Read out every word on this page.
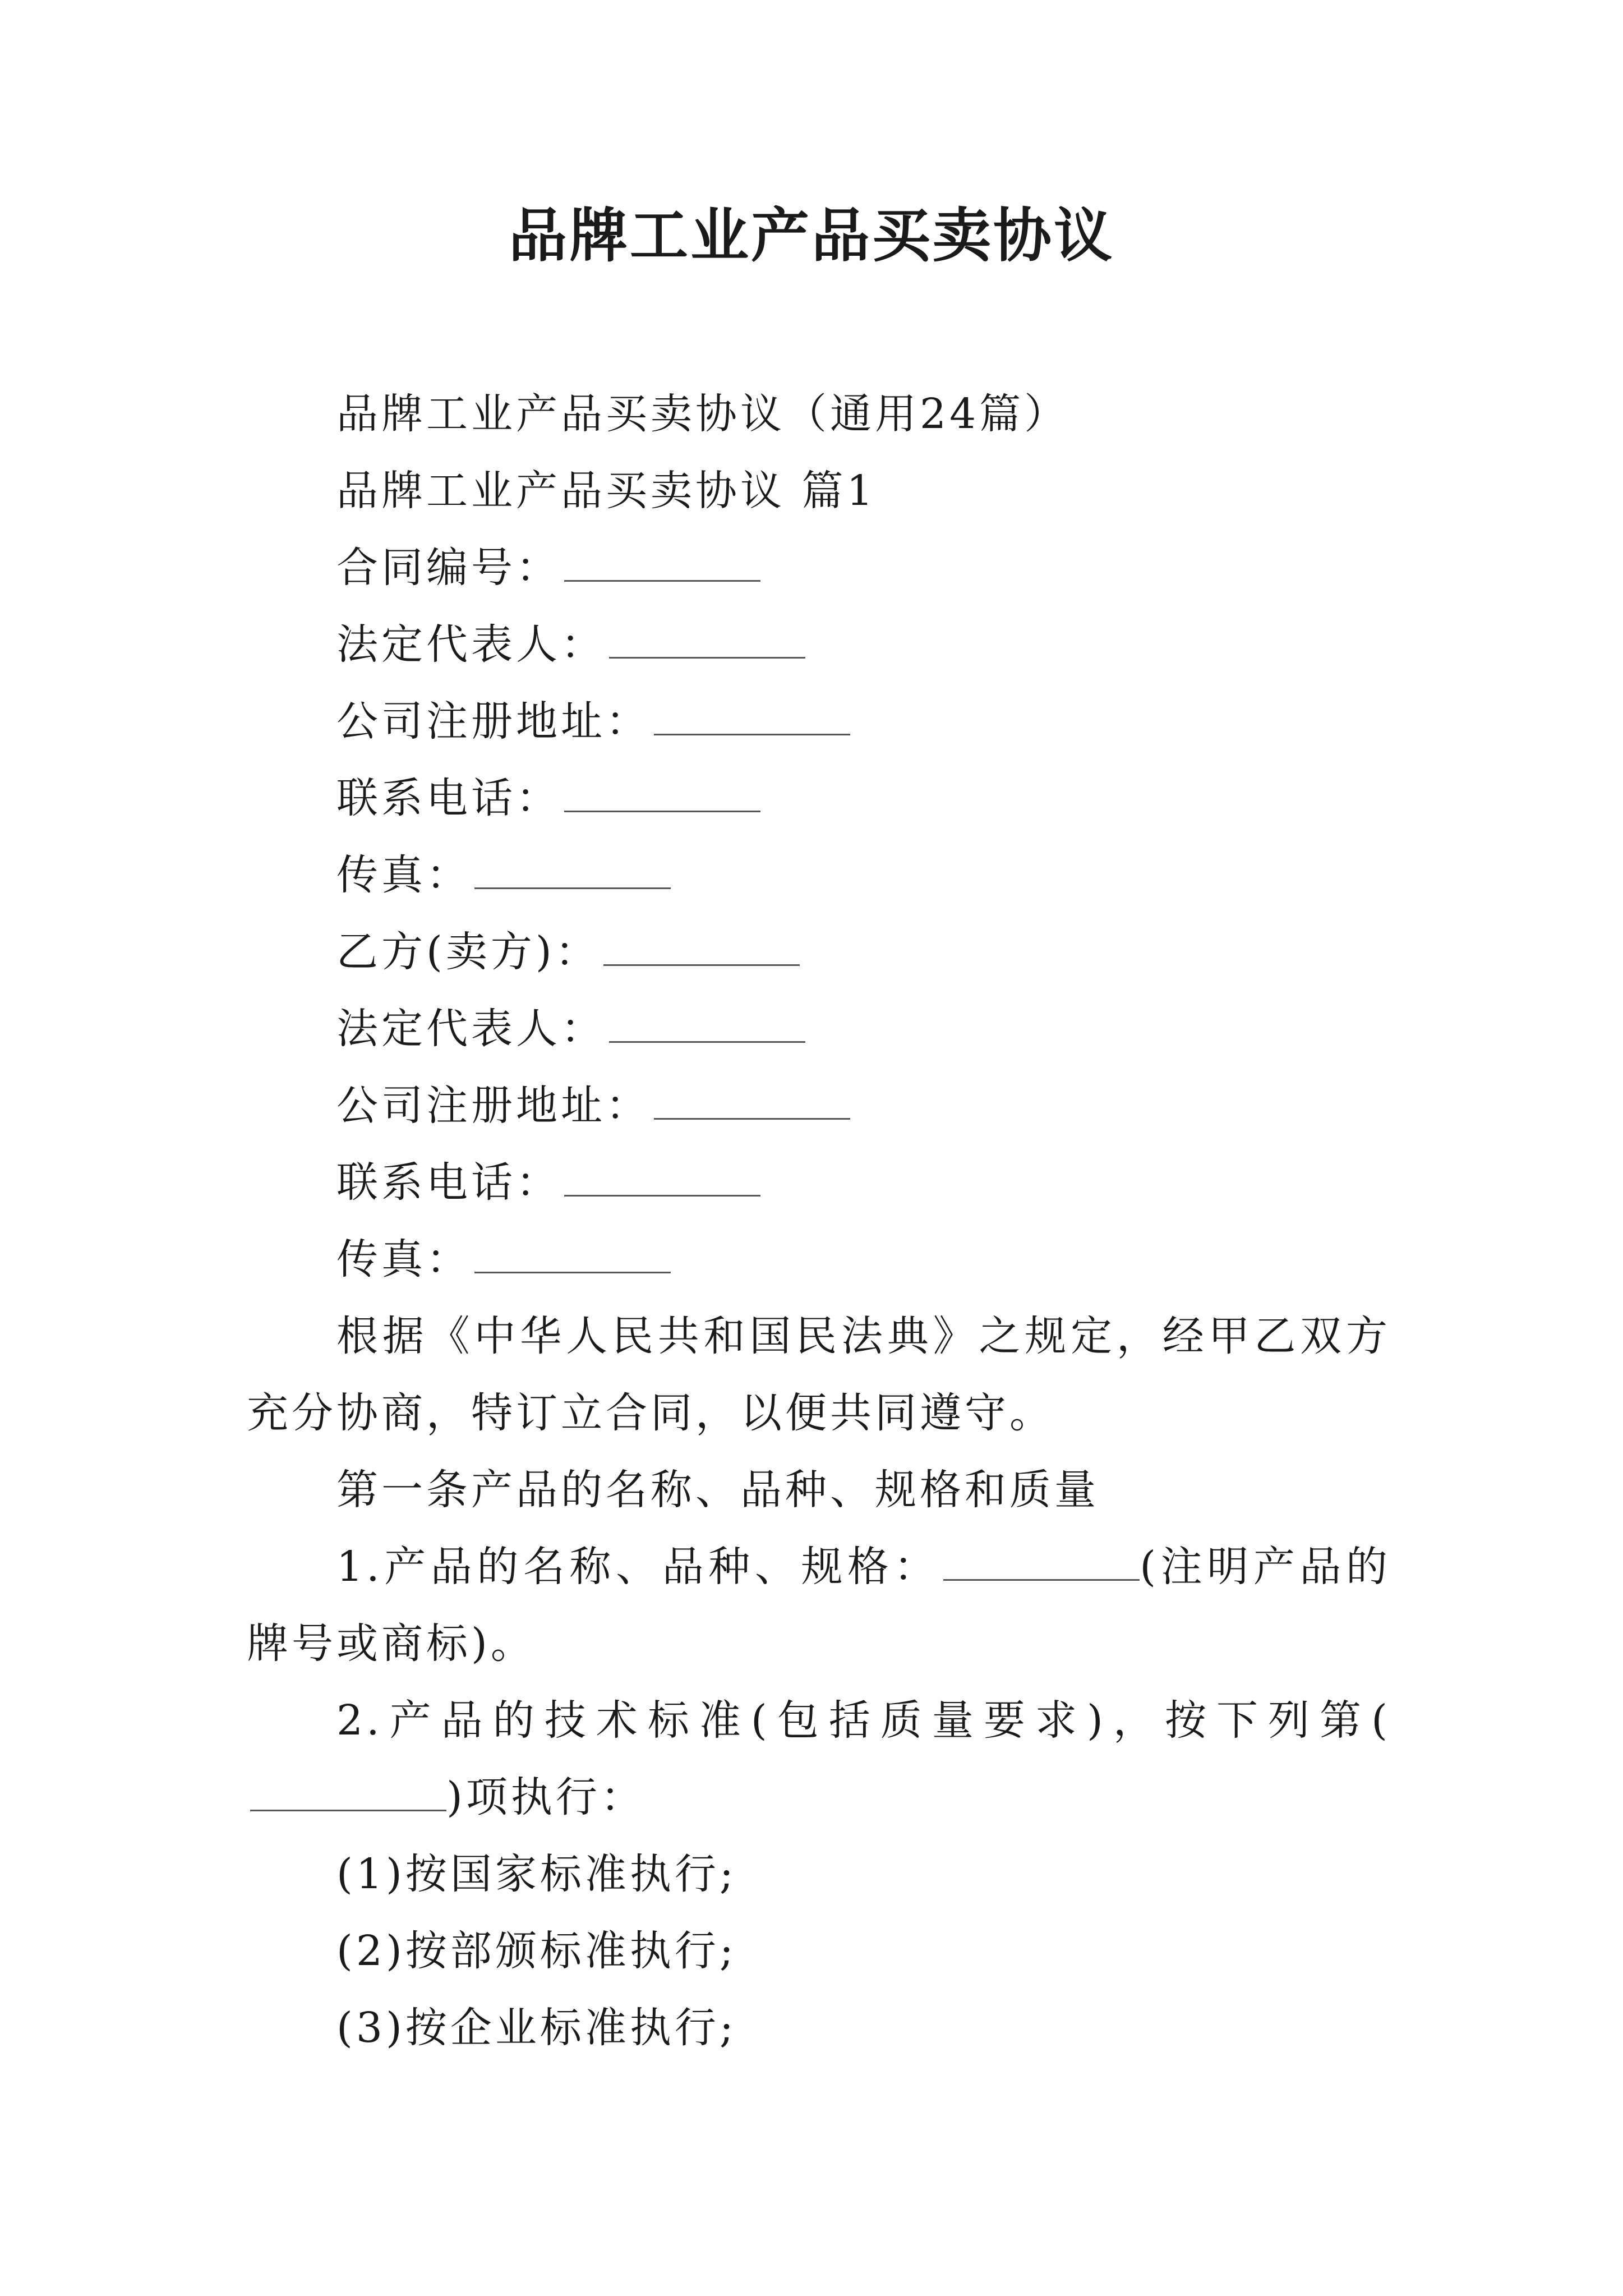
品牌工业产品买卖协议

品牌工业产品买卖协议（通用24篇）

品牌工业产品买卖协议 篇1

合同编号：

法定代表人：

公司注册地址：

联系电话：

传真：

乙方(卖方)：

法定代表人：

公司注册地址：

联系电话：

传真：

根据《中华人民共和国民法典》之规定，经甲乙双方充分协商，特订立合同，以便共同遵守。

第一条产品的名称、品种、规格和质量

1.产品的名称、品种、规格：	(注明产品的牌号或商标)。

2.产品的技术标准(包括质量要求)，按下列第()项执行：

(1)按国家标准执行;

(2)按部颁标准执行;

(3)按企业标准执行;
